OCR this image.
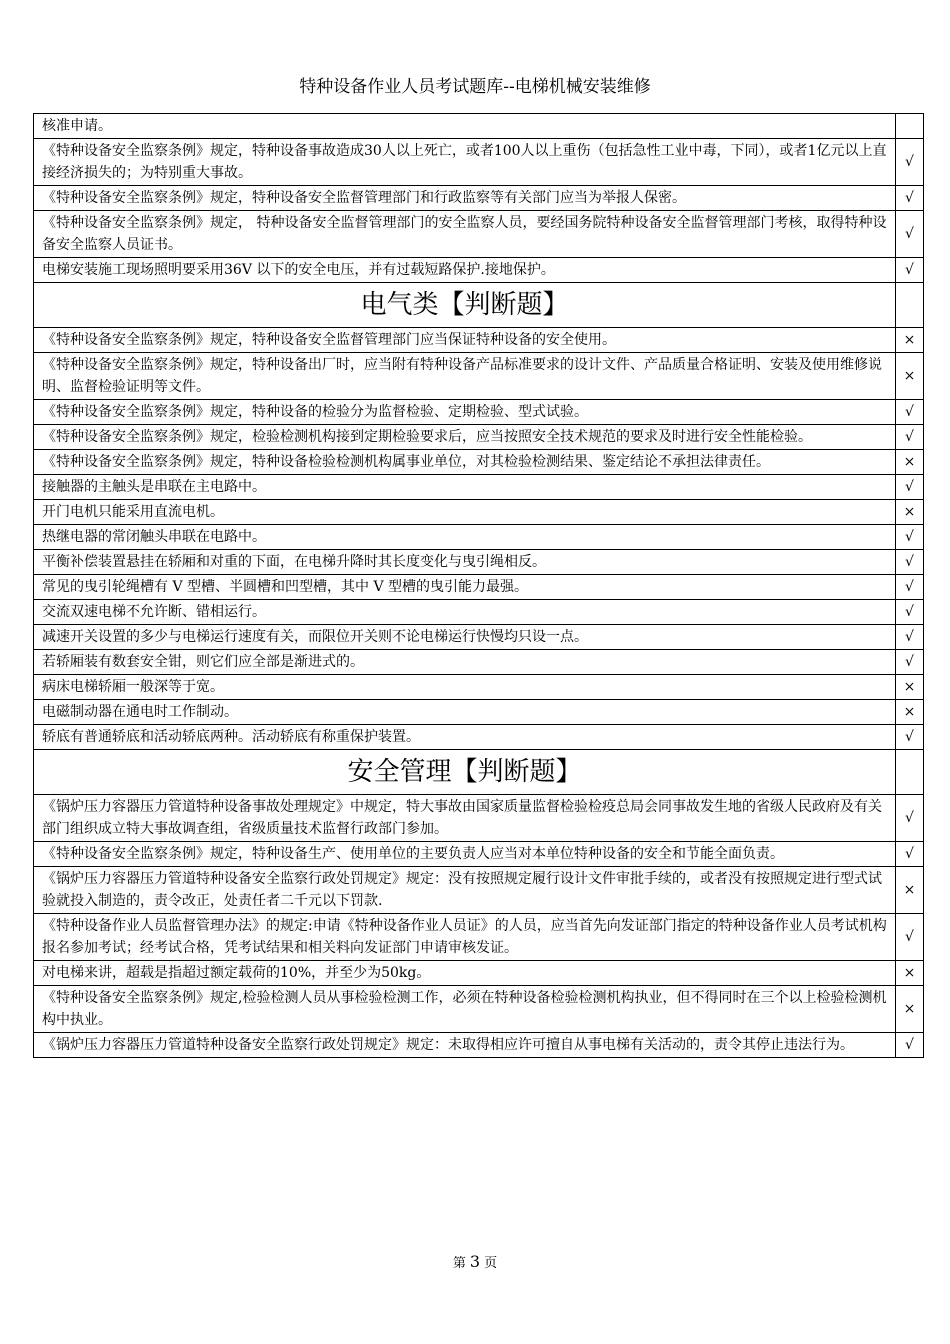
特种设备作业人员考试题库--电梯机械安装维修
核准申请。	
《特种设备安全监察条例》规定，特种设备事故造成30人以上死亡，或者100人以上重伤（包括急性工业中毒，下同），或者1亿元以上直接经济损失的；为特别重大事故。	√
《特种设备安全监察条例》规定，特种设备安全监督管理部门和行政监察等有关部门应当为举报人保密。	√
《特种设备安全监察条例》规定， 特种设备安全监督管理部门的安全监察人员，要经国务院特种设备安全监督管理部门考核，取得特种设备安全监察人员证书。	√
电梯安装施工现场照明要采用36V 以下的安全电压，并有过载短路保护.接地保护。	√
电气类【判断题】	
《特种设备安全监察条例》规定，特种设备安全监督管理部门应当保证特种设备的安全使用。	×
《特种设备安全监察条例》规定，特种设备出厂时，应当附有特种设备产品标准要求的设计文件、产品质量合格证明、安装及使用维修说明、监督检验证明等文件。	×
《特种设备安全监察条例》规定，特种设备的检验分为监督检验、定期检验、型式试验。	√
《特种设备安全监察条例》规定，检验检测机构接到定期检验要求后，应当按照安全技术规范的要求及时进行安全性能检验。	√
《特种设备安全监察条例》规定，特种设备检验检测机构属事业单位，对其检验检测结果、鉴定结论不承担法律责任。	×
接触器的主触头是串联在主电路中。	√
开门电机只能采用直流电机。	×
热继电器的常闭触头串联在电路中。	√
平衡补偿装置悬挂在轿厢和对重的下面，在电梯升降时其长度变化与曳引绳相反。	√
常见的曳引轮绳槽有 V 型槽、半圆槽和凹型槽，其中 V 型槽的曳引能力最强。	√
交流双速电梯不允许断、错相运行。	√
减速开关设置的多少与电梯运行速度有关，而限位开关则不论电梯运行快慢均只设一点。	√
若轿厢装有数套安全钳，则它们应全部是渐进式的。	√
病床电梯轿厢一般深等于宽。	×
电磁制动器在通电时工作制动。	×
轿底有普通轿底和活动轿底两种。活动轿底有称重保护装置。	√
安全管理【判断题】	
《锅炉压力容器压力管道特种设备事故处理规定》中规定，特大事故由国家质量监督检验检疫总局会同事故发生地的省级人民政府及有关部门组织成立特大事故调查组，省级质量技术监督行政部门参加。	√
《特种设备安全监察条例》规定，特种设备生产、使用单位的主要负责人应当对本单位特种设备的安全和节能全面负责。	√
《锅炉压力容器压力管道特种设备安全监察行政处罚规定》规定：没有按照规定履行设计文件审批手续的，或者没有按照规定进行型式试验就投入制造的，责令改正，处责任者二千元以下罚款.	×
《特种设备作业人员监督管理办法》的规定:申请《特种设备作业人员证》的人员，应当首先向发证部门指定的特种设备作业人员考试机构报名参加考试；经考试合格，凭考试结果和相关料向发证部门申请审核发证。	√
对电梯来讲，超载是指超过额定载荷的10%，并至少为50kg。	×
《特种设备安全监察条例》规定,检验检测人员从事检验检测工作，必须在特种设备检验检测机构执业，但不得同时在三个以上检验检测机构中执业。	×
《锅炉压力容器压力管道特种设备安全监察行政处罚规定》规定：未取得相应许可擅自从事电梯有关活动的，责令其停止违法行为。	√
第 3 页
